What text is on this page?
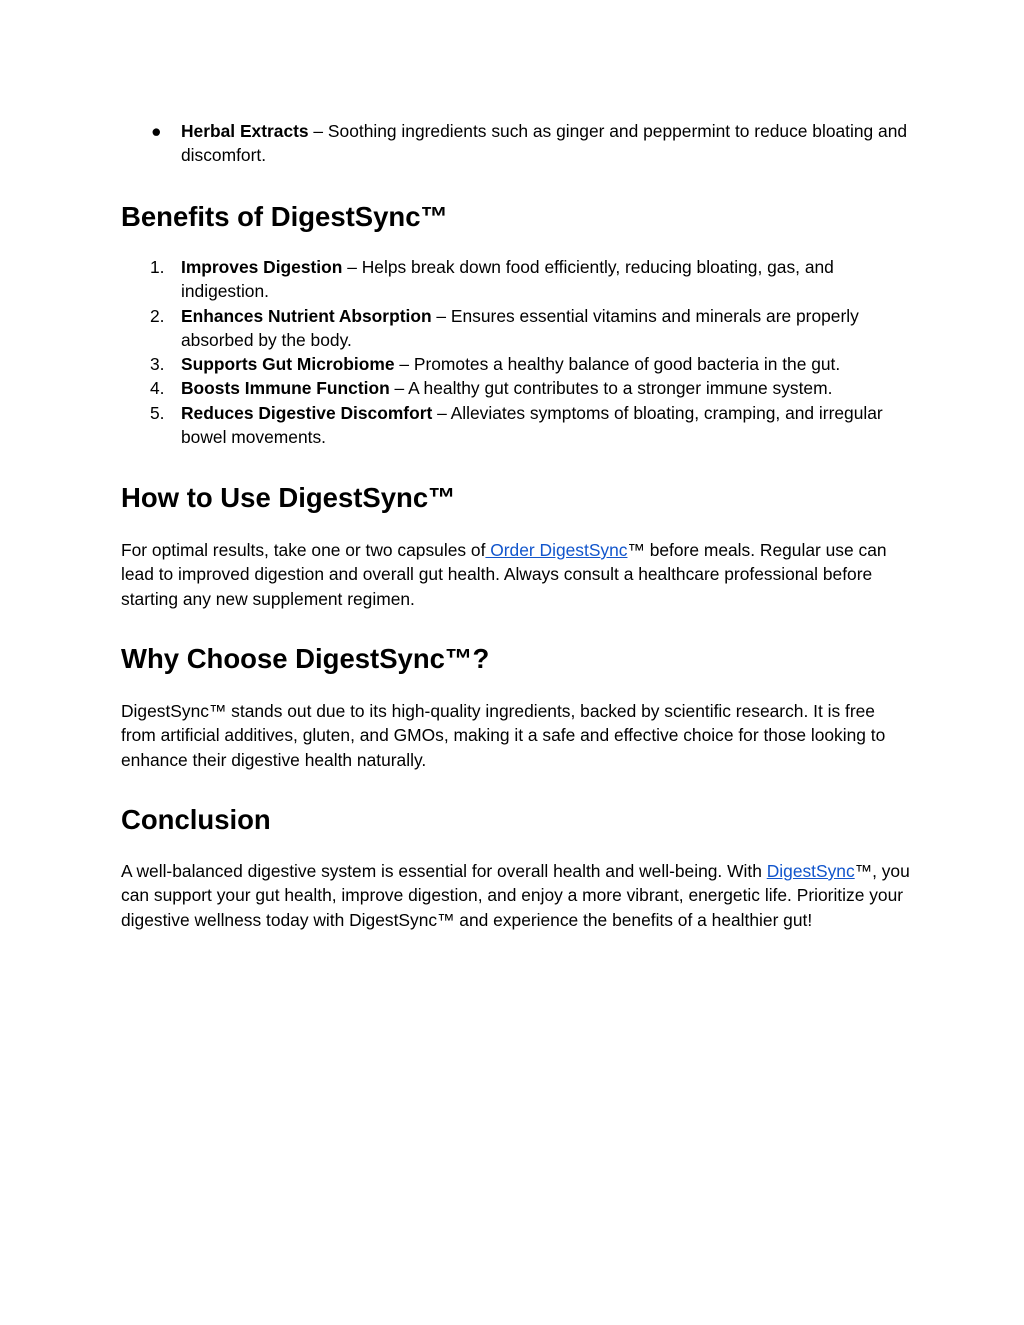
●	Herbal Extracts – Soothing ingredients such as ginger and peppermint to reduce bloating and discomfort.
Benefits of DigestSync™
1. Improves Digestion – Helps break down food efficiently, reducing bloating, gas, and indigestion.
2. Enhances Nutrient Absorption – Ensures essential vitamins and minerals are properly absorbed by the body.
3. Supports Gut Microbiome – Promotes a healthy balance of good bacteria in the gut.
4. Boosts Immune Function – A healthy gut contributes to a stronger immune system.
5. Reduces Digestive Discomfort – Alleviates symptoms of bloating, cramping, and irregular bowel movements.
How to Use DigestSync™

For optimal results, take one or two capsules of Order DigestSync™ before meals. Regular use can lead to improved digestion and overall gut health. Always consult a healthcare professional before starting any new supplement regimen.

Why Choose DigestSync™?

DigestSync™ stands out due to its high-quality ingredients, backed by scientific research. It is free from artificial additives, gluten, and GMOs, making it a safe and effective choice for those looking to enhance their digestive health naturally.

Conclusion

A well-balanced digestive system is essential for overall health and well-being. With DigestSync™, you can support your gut health, improve digestion, and enjoy a more vibrant, energetic life. Prioritize your digestive wellness today with DigestSync™ and experience the benefits of a healthier gut!
